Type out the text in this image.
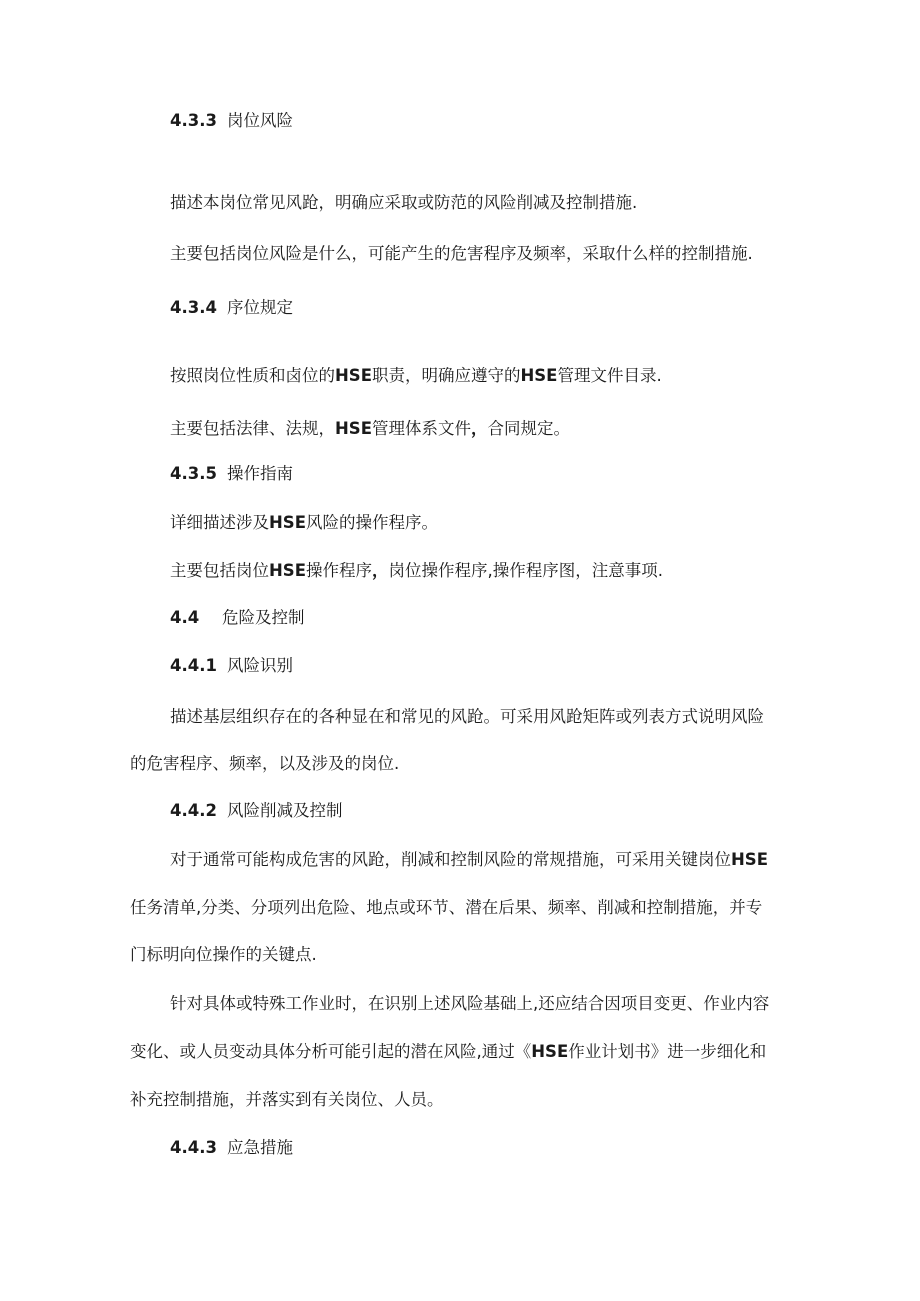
4.3.3 岗位风险
描述本岗位常见风跄，明确应采取或防范的风险削减及控制措施.
主要包括岗位风险是什么，可能产生的危害程序及频率，采取什么样的控制措施.
4.3.4 序位规定
按照岗位性质和卤位的HSE职责，明确应遵守的HSE管理文件目录.
主要包括法律、法规，HSE管理体系文件，合同规定。
4.3.5 操作指南
详细描述涉及HSE风险的操作程序。
主要包括岗位HSE操作程序，岗位操作程序,操作程序图，注意事项.
4.4 危险及控制
4.4.1 风险识别
描述基层组织存在的各种显在和常见的风跄。可采用风跄矩阵或列表方式说明风险
的危害程序、频率，以及涉及的岗位.
4.4.2 风险削减及控制
对于通常可能构成危害的风跄，削减和控制风险的常规措施，可采用关键岗位HSE
任务清单,分类、分项列出危险、地点或环节、潜在后果、频率、削减和控制措施，并专
门标明向位操作的关键点.
针对具体或特殊工作业时，在识别上述风险基础上,还应结合因项目变更、作业内容
变化、或人员变动具体分析可能引起的潜在风险,通过《HSE作业计划书》进一步细化和
补充控制措施，并落实到有关岗位、人员。
4.4.3 应急措施
